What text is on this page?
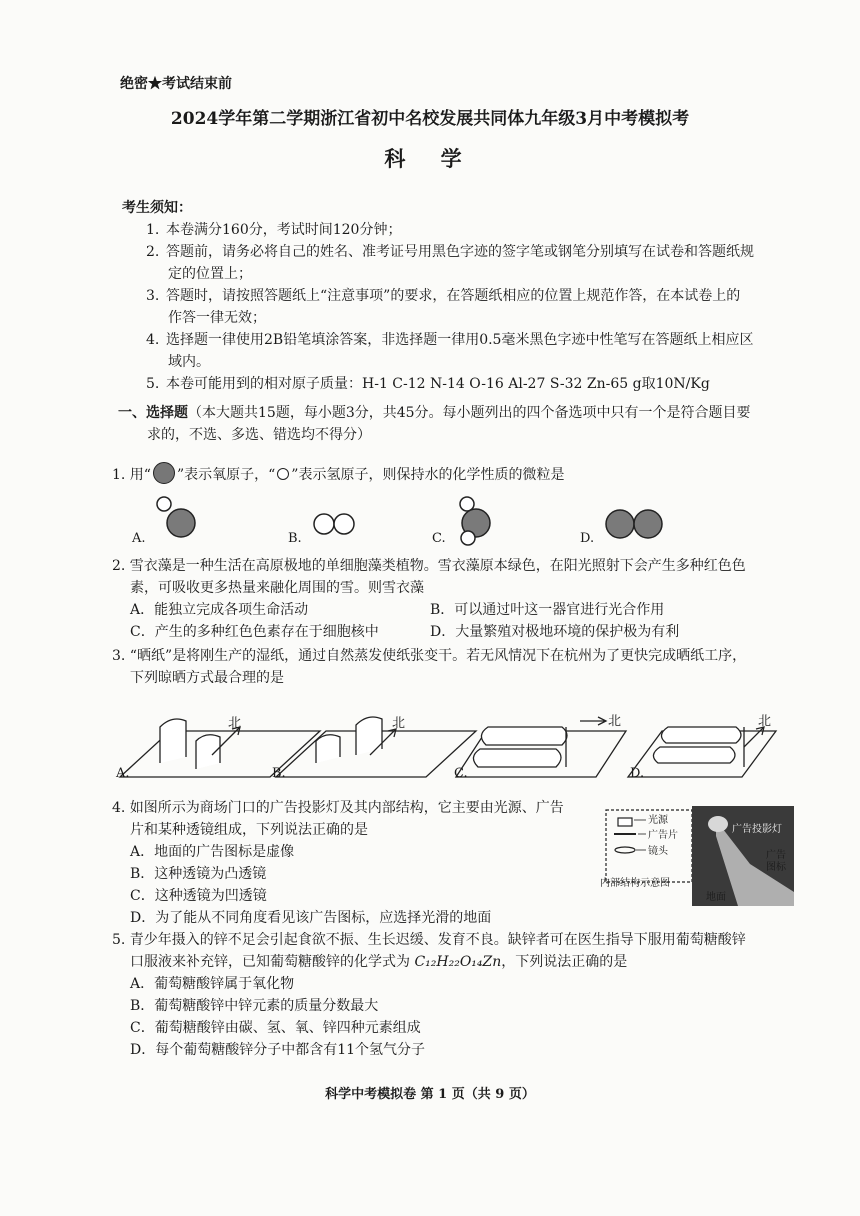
绝密★考试结束前
2024学年第二学期浙江省初中名校发展共同体九年级3月中考模拟考
科 学
考生须知：
1. 本卷满分160分，考试时间120分钟；
2. 答题前，请务必将自己的姓名、准考证号用黑色字迹的签字笔或钢笔分别填写在试卷和答题纸规
定的位置上；
3. 答题时，请按照答题纸上“注意事项”的要求，在答题纸相应的位置上规范作答，在本试卷上的
作答一律无效；
4. 选择题一律使用2B铅笔填涂答案，非选择题一律用0.5毫米黑色字迹中性笔写在答题纸上相应区
域内。
5. 本卷可能用到的相对原子质量：H-1 C-12 N-14 O-16 Al-27 S-32 Zn-65 g取10N/Kg
一、选择题（本大题共15题，每小题3分，共45分。每小题列出的四个备选项中只有一个是符合题目要
求的，不选、多选、错选均不得分）
1. 用“ ”表示氧原子，“ ”表示氢原子，则保持水的化学性质的微粒是
A.	B.	C.	D.
2. 雪衣藻是一种生活在高原极地的单细胞藻类植物。雪衣藻原本绿色，在阳光照射下会产生多种红色色
素，可吸收更多热量来融化周围的雪。则雪衣藻
A．能独立完成各项生命活动	B．可以通过叶这一器官进行光合作用
C．产生的多种红色色素存在于细胞核中	D．大量繁殖对极地环境的保护极为有利
3. “晒纸”是将刚生产的湿纸，通过自然蒸发使纸张变干。若无风情况下在杭州为了更快完成晒纸工序，
下列晾晒方式最合理的是
北
A.
北
B.
北
C.
北
D.
4. 如图所示为商场门口的广告投影灯及其内部结构，它主要由光源、广告
片和某种透镜组成，下列说法正确的是
A．地面的广告图标是虚像
B．这种透镜为凸透镜
C．这种透镜为凹透镜
D．为了能从不同角度看见该广告图标，应选择光滑的地面
光源
广告片
镜头
内部结构示意图
广告投影灯
广告
图标
地面
5. 青少年摄入的锌不足会引起食欲不振、生长迟缓、发育不良。缺锌者可在医生指导下服用葡萄糖酸锌
口服液来补充锌，已知葡萄糖酸锌的化学式为 C₁₂H₂₂O₁₄Zn，下列说法正确的是
A．葡萄糖酸锌属于氧化物
B．葡萄糖酸锌中锌元素的质量分数最大
C．葡萄糖酸锌由碳、氢、氧、锌四种元素组成
D．每个葡萄糖酸锌分子中都含有11个氢气分子
科学中考模拟卷 第 1 页（共 9 页）
